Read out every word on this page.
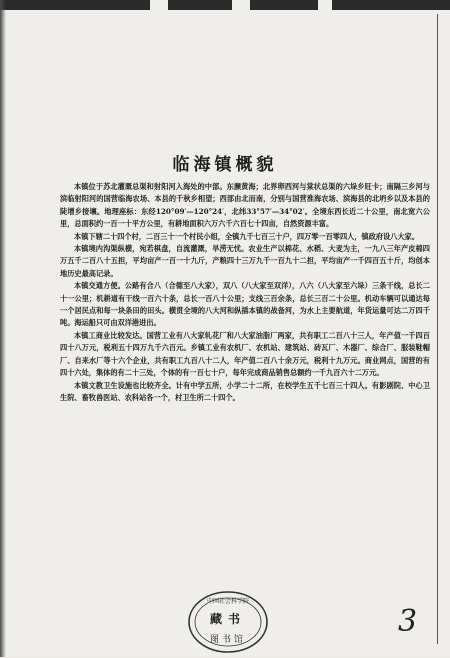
临海镇概貌

本镇位于苏北灌溉总渠和射阳河入海处的中部。东濒黄海；北界卵西河与棠状总渠的六垛乡旺卡；南隔三乡河与滨临射阳河的国营临海农场、本县的千秋乡相望；西部由北而南，分别与国营淮海农场、滨海县的北坍乡以及本县的陡增乡接壤。地理座标：东经120°09′—120°24′，北纬33°57′—34°02′。全境东西长近二十公里，南北宽六公里，总面积约一百一十平方公里，有耕地面积六万六千六百七十四亩，自然资源丰富。

本镇下辖二十四个村，二百三十一个村民小组，全镇九千七百三十户，四万零一百零四人，镇政府设八大家。

本镇境内沟渠纵横，宛若棋盘，自流灌溉，旱涝无忧。农业生产以棉花、水稻、大麦为主，一九八三年产皮棉四万五千二百八十五担，平均亩产一百一十九斤，产粮四十三万九千一百九十二担，平均亩产一千四百五十斤，均创本地历史最高记录。

本镇交通方便。公路有合八（合德至八大家），双八（八大家至双洋），八六（八大家至六垛）三条干线，总长二十一公里；机耕道有干线一百六十条，总长一百八十公里；支线三百余条，总长三百二十公里。机动车辆可以通达每一个居民点和每一块条田的田头。横贯全境的八大河和纵插本镇的战备河，为水上主要航道，年货运量可达二万四千吨。海运船只可由双洋港进出。

本镇工商业比较发达。国营工业有八大家轧花厂和八大家油脂厂两家，共有职工二百八十三人，年产值一千四百四十八万元，税利五十四万九千六百元。乡镇工业有农机厂、农机站、建筑站、砖瓦厂、木器厂、综合厂、服装鞋帽厂、自来水厂等十六个企业，共有职工九百八十二人，年产值二百八十余万元，税利十九万元。商业网点，国营的有四十六处，集体的有二十三处，个体的有一百七十户，每年完成商品销售总额约一千九百六十二万元。

本镇文教卫生设施也比较齐全。计有中学五所，小学二十二所，在校学生五千七百三十四人。有影剧院、中心卫生院、畜牧兽医站、农科站各一个，村卫生所二十四个。

中国社会科学院
藏书
图书馆
3
